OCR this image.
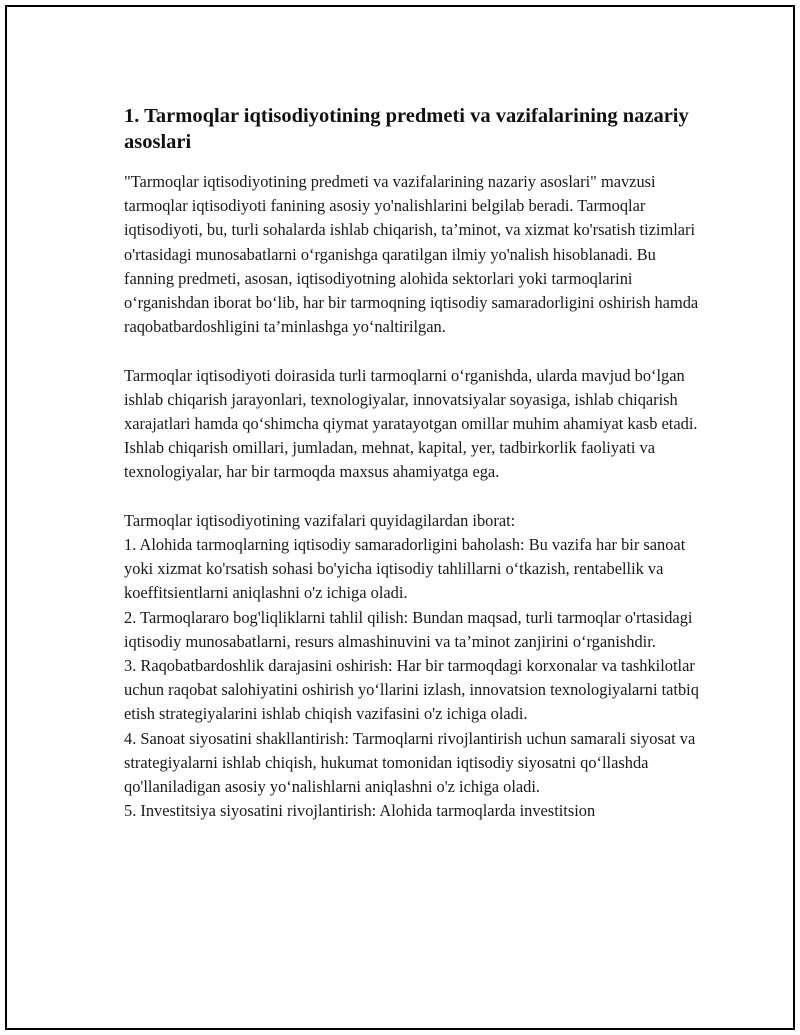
1. Tarmoqlar iqtisodiyotining predmeti va vazifalarining nazariy asoslari

"Tarmoqlar iqtisodiyotining predmeti va vazifalarining nazariy asoslari" mavzusi tarmoqlar iqtisodiyoti fanining asosiy yo'nalishlarini belgilab beradi. Tarmoqlar iqtisodiyoti, bu, turli sohalarda ishlab chiqarish, ta’minot, va xizmat ko'rsatish tizimlari o'rtasidagi munosabatlarni oʻrganishga qaratilgan ilmiy yo'nalish hisoblanadi. Bu fanning predmeti, asosan, iqtisodiyotning alohida sektorlari yoki tarmoqlarini oʻrganishdan iborat boʻlib, har bir tarmoqning iqtisodiy samaradorligini oshirish hamda raqobatbardoshligini ta’minlashga yoʻnaltirilgan.

Tarmoqlar iqtisodiyoti doirasida turli tarmoqlarni oʻrganishda, ularda mavjud boʻlgan ishlab chiqarish jarayonlari, texnologiyalar, innovatsiyalar soyasiga, ishlab chiqarish xarajatlari hamda qoʻshimcha qiymat yaratayotgan omillar muhim ahamiyat kasb etadi. Ishlab chiqarish omillari, jumladan, mehnat, kapital, yer, tadbirkorlik faoliyati va texnologiyalar, har bir tarmoqda maxsus ahamiyatga ega.

Tarmoqlar iqtisodiyotining vazifalari quyidagilardan iborat:

1. Alohida tarmoqlarning iqtisodiy samaradorligini baholash: Bu vazifa har bir sanoat yoki xizmat ko'rsatish sohasi bo'yicha iqtisodiy tahlillarni oʻtkazish, rentabellik va koeffitsientlarni aniqlashni o'z ichiga oladi.

2. Tarmoqlararo bog'liqliklarni tahlil qilish: Bundan maqsad, turli tarmoqlar o'rtasidagi iqtisodiy munosabatlarni, resurs almashinuvini va ta’minot zanjirini oʻrganishdir.

3. Raqobatbardoshlik darajasini oshirish: Har bir tarmoqdagi korxonalar va tashkilotlar uchun raqobat salohiyatini oshirish yoʻllarini izlash, innovatsion texnologiyalarni tatbiq etish strategiyalarini ishlab chiqish vazifasini o'z ichiga oladi.

4. Sanoat siyosatini shakllantirish: Tarmoqlarni rivojlantirish uchun samarali siyosat va strategiyalarni ishlab chiqish, hukumat tomonidan iqtisodiy siyosatni qoʻllashda qo'llaniladigan asosiy yoʻnalishlarni aniqlashni o'z ichiga oladi.

5. Investitsiya siyosatini rivojlantirish: Alohida tarmoqlarda investitsion
